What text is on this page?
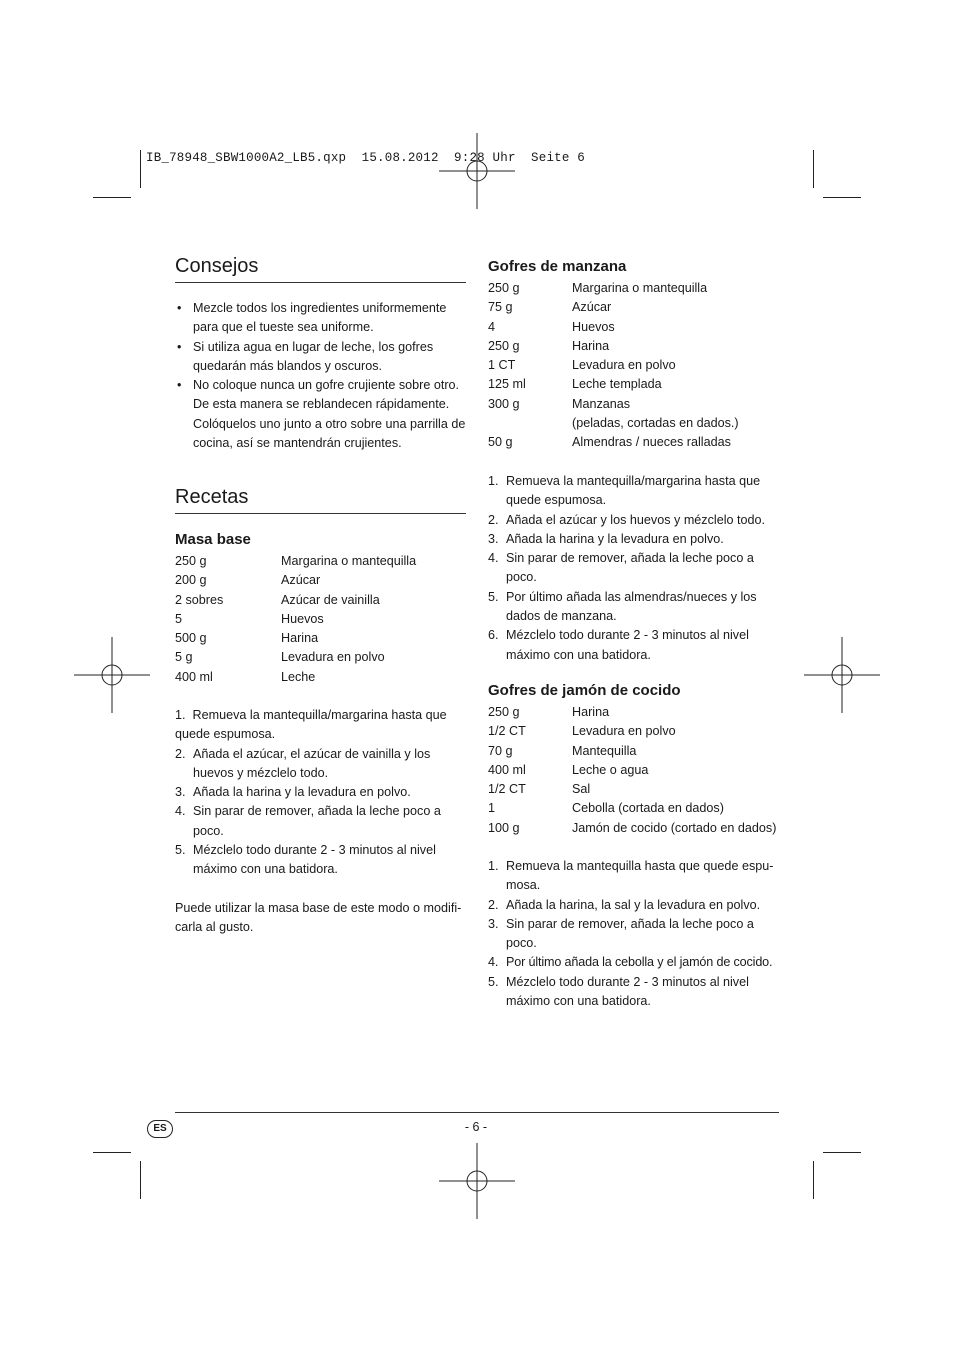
IB_78948_SBW1000A2_LB5.qxp  15.08.2012  9:28 Uhr  Seite 6
Consejos
• Mezcle todos los ingredientes uniformemente para que el tueste sea uniforme.
• Si utiliza agua en lugar de leche, los gofres quedarán más blandos y oscuros.
• No coloque nunca un gofre crujiente sobre otro. De esta manera se reblandecen rápidamente. Colóquelos uno junto a otro sobre una parrilla de cocina, así se mantendrán crujientes.
Recetas
Masa base
250 g	Margarina o mantequilla
200 g	Azúcar
2 sobres	Azúcar de vainilla
5	Huevos
500 g	Harina
5 g	Levadura en polvo
400 ml	Leche
1.  Remueva la mantequilla/margarina hasta que quede espumosa.
2. Añada el azúcar, el azúcar de vainilla y los huevos y mézclelo todo.
3. Añada la harina y la levadura en polvo.
4. Sin parar de remover, añada la leche poco a poco.
5. Mézclelo todo durante 2 - 3 minutos al nivel máximo con una batidora.
Puede utilizar la masa base de este modo o modificarla al gusto.
Gofres de manzana
250 g	Margarina o mantequilla
75 g	Azúcar
4	Huevos
250 g	Harina
1 CT	Levadura en polvo
125 ml	Leche templada
300 g	Manzanas
(peladas, cortadas en dados.)
50 g	Almendras / nueces ralladas
1. Remueva la mantequilla/margarina hasta que quede espumosa.
2. Añada el azúcar y los huevos y mézclelo todo.
3. Añada la harina y la levadura en polvo.
4. Sin parar de remover, añada la leche poco a poco.
5. Por último añada las almendras/nueces y los dados de manzana.
6. Mézclelo todo durante 2 - 3 minutos al nivel máximo con una batidora.
Gofres de jamón de cocido
250 g	Harina
1/2 CT	Levadura en polvo
70 g	Mantequilla
400 ml	Leche o agua
1/2 CT	Sal
1	Cebolla (cortada en dados)
100 g	Jamón de cocido (cortado en dados)
1. Remueva la mantequilla hasta que quede espumosa.
2. Añada la harina, la sal y la levadura en polvo.
3. Sin parar de remover, añada la leche poco a poco.
4. Por último añada la cebolla y el jamón de cocido.
5. Mézclelo todo durante 2 - 3 minutos al nivel máximo con una batidora.
ES	- 6 -
